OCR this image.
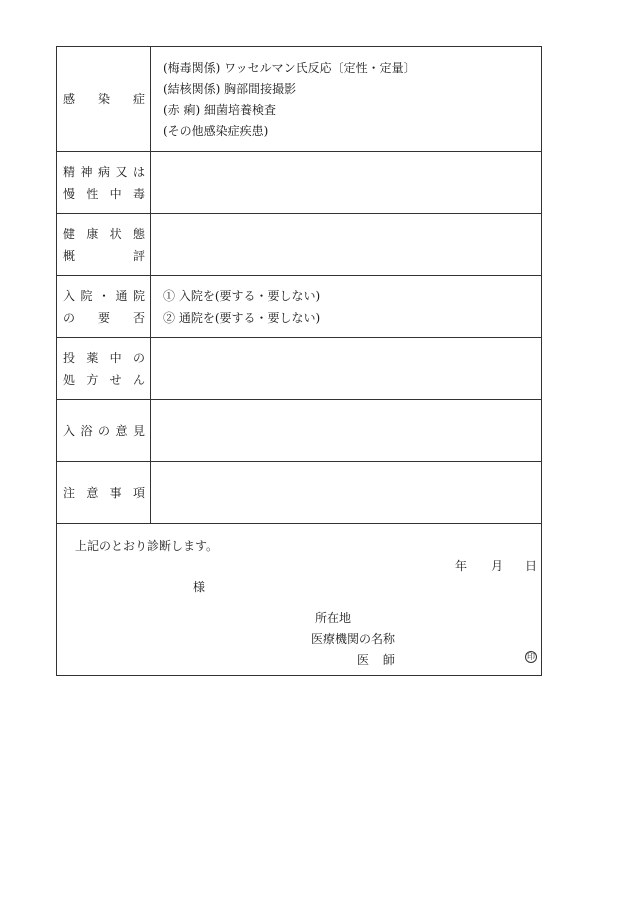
感 染 症
(梅毒関係) ワッセルマン氏反応〔定性・定量〕
(結核関係) 胸部間接撮影
(赤 痢) 細菌培養検査
(その他感染症疾患)
精 神 病 又 は
慢 性 中 毒
健 康 状 態
概	評
入 院 ・ 通 院
の 要 否
① 入院を(要する・要しない)
② 通院を(要する・要しない)
投 薬 中 の
処 方 せ ん
入 浴 の 意 見
注 意 事 項
上記のとおり診断します。
年 月 日
様
所在地
医療機関の名称
医 師	印
